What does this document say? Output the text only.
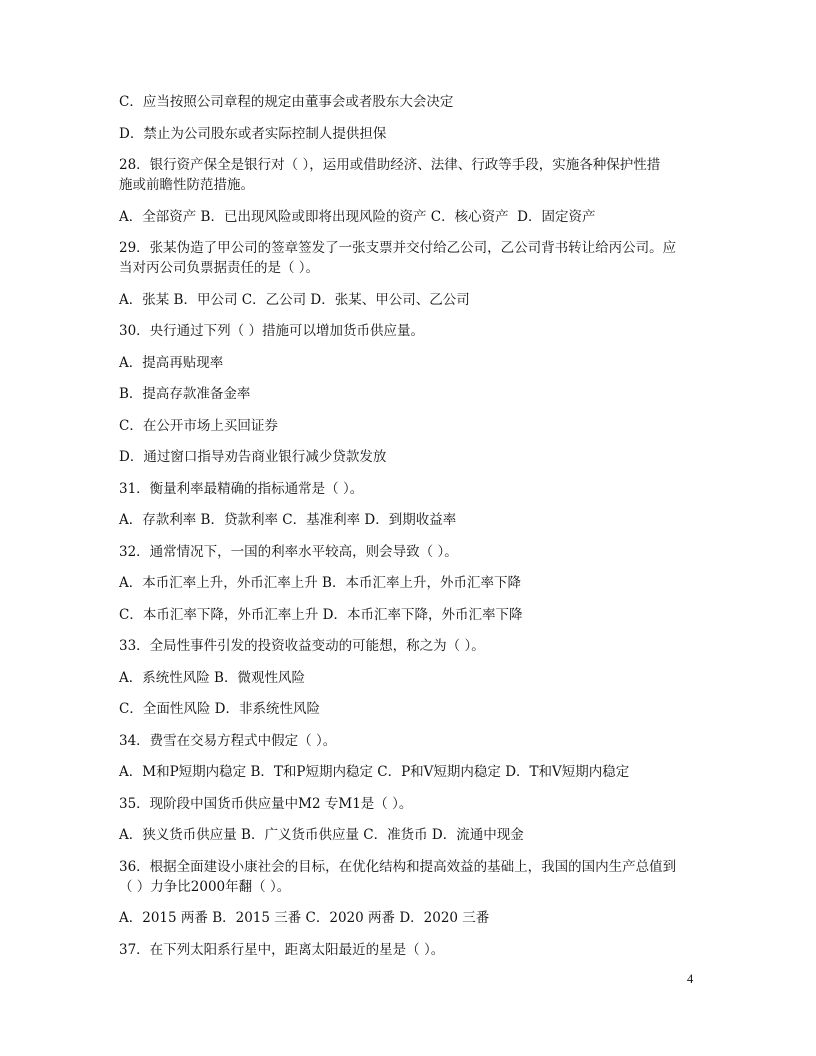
C．应当按照公司章程的规定由董事会或者股东大会决定

D．禁止为公司股东或者实际控制人提供担保

28．银行资产保全是银行对（ ），运用或借助经济、法律、行政等手段，实施各种保护性措
施或前瞻性防范措施。

A．全部资产 B．已出现风险或即将出现风险的资产 C．核心资产  D．固定资产

29．张某伪造了甲公司的签章签发了一张支票并交付给乙公司，乙公司背书转让给丙公司。应
当对丙公司负票据责任的是（ ）。

A．张某 B．甲公司 C．乙公司 D．张某、甲公司、乙公司

30．央行通过下列（ ）措施可以增加货币供应量。

A．提高再贴现率

B．提高存款准备金率

C．在公开市场上买回证券

D．通过窗口指导劝告商业银行减少贷款发放

31．衡量利率最精确的指标通常是（ ）。

A．存款利率 B．贷款利率 C．基准利率 D．到期收益率

32．通常情况下，一国的利率水平较高，则会导致（ ）。

A．本币汇率上升，外币汇率上升 B．本币汇率上升，外币汇率下降

C．本币汇率下降，外币汇率上升 D．本币汇率下降，外币汇率下降

33．全局性事件引发的投资收益变动的可能想，称之为（ ）。

A．系统性风险 B．微观性风险

C．全面性风险 D．非系统性风险

34．费雪在交易方程式中假定（ ）。

A．M和P短期内稳定 B．T和P短期内稳定 C．P和V短期内稳定 D．T和V短期内稳定

35．现阶段中国货币供应量中M2 专M1是（ ）。

A．狭义货币供应量 B．广义货币供应量 C．准货币 D．流通中现金

36．根据全面建设小康社会的目标，在优化结构和提高效益的基础上，我国的国内生产总值到
（ ）力争比2000年翻（ ）。

A．2015 两番 B．2015 三番 C．2020 两番 D．2020 三番

37．在下列太阳系行星中，距离太阳最近的星是（ ）。

4
